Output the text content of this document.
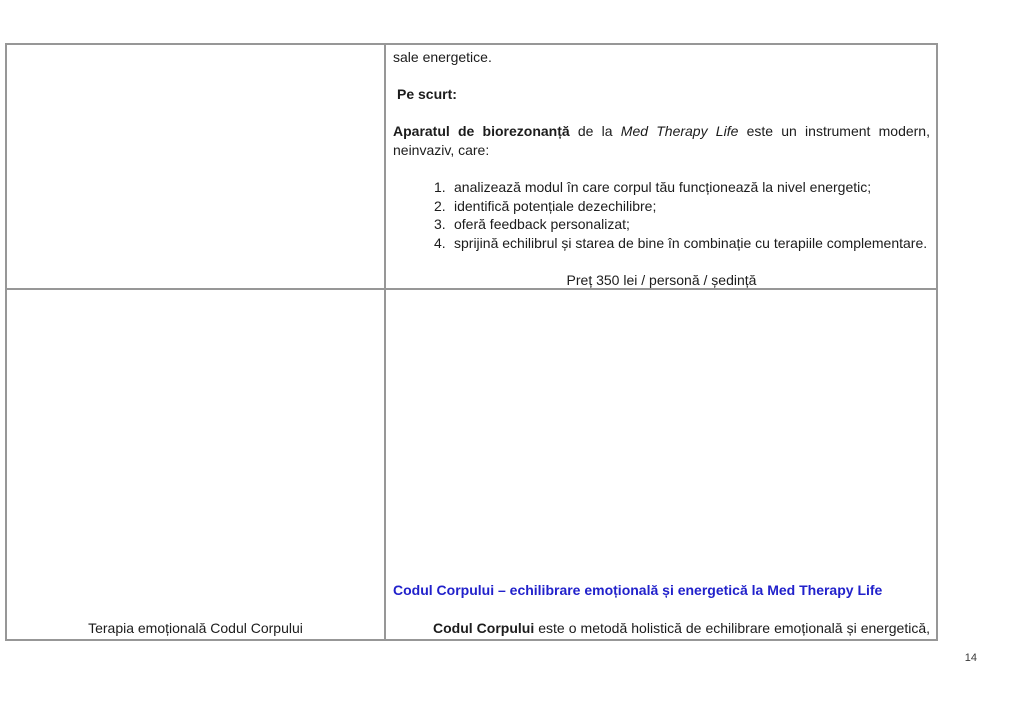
sale energetice.
Pe scurt:
Aparatul de biorezonanță de la Med Therapy Life este un instrument modern,
neinvaziv, care:
1. analizează modul în care corpul tău funcționează la nivel energetic;
2. identifică potențiale dezechilibre;
3. oferă feedback personalizat;
4. sprijină echilibrul și starea de bine în combinație cu terapiile complementare.
Preț 350 lei / personă / ședință
Terapia emoțională Codul Corpului
Codul Corpului – echilibrare emoțională și energetică la Med Therapy Life
Codul Corpului este o metodă holistică de echilibrare emoțională și energetică,
14
